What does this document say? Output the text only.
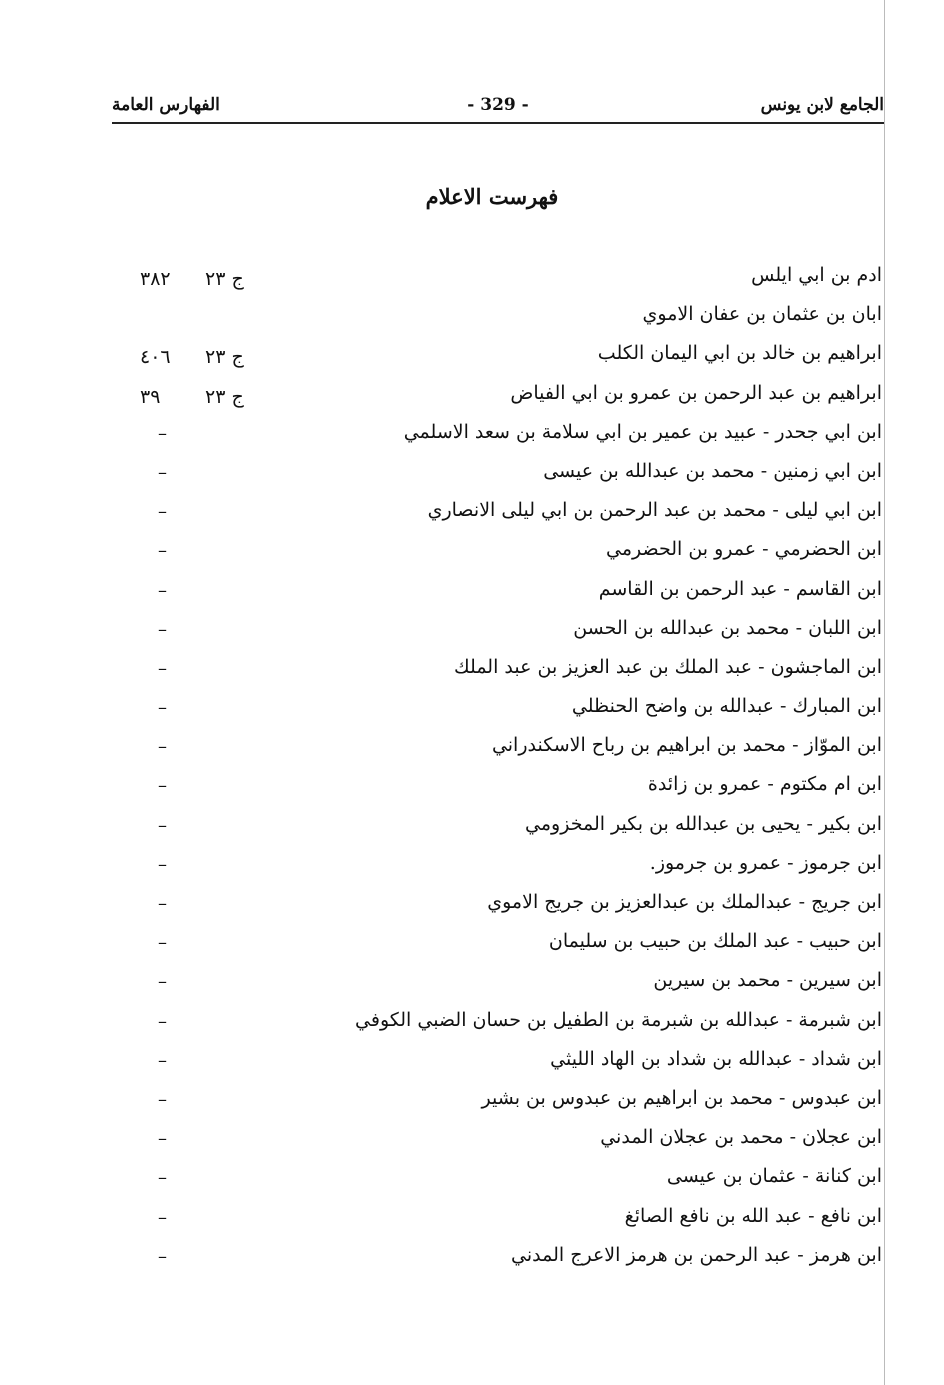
الجامع لابن يونس
- 329 -
الفهارس العامة
فهرست الاعلام
ادم بن ابي ايلس
ج ٢٣
٣٨٢
ابان بن عثمان بن عفان الاموي
ابراهيم بن خالد بن ابي اليمان الكلب
ج ٢٣
٤٠٦
ابراهيم بن عبد الرحمن بن عمرو بن ابي الفياض
ج ٢٣
٣٩
ابن ابي جحدر - عبيد بن عمير بن ابي سلامة بن سعد الاسلمي
–
ابن ابي زمنين - محمد بن عبدالله بن عيسى
–
ابن ابي ليلى - محمد بن عبد الرحمن بن ابي ليلى الانصاري
–
ابن الحضرمي - عمرو بن الحضرمي
–
ابن القاسم - عبد الرحمن بن القاسم
–
ابن اللبان - محمد بن عبدالله بن الحسن
–
ابن الماجشون - عبد الملك بن عبد العزيز بن عبد الملك
–
ابن المبارك - عبدالله بن واضح الحنظلي
–
ابن الموّاز - محمد بن ابراهيم بن رباح الاسكندراني
–
ابن ام مكتوم - عمرو بن زائدة
–
ابن بكير - يحيى بن عبدالله بن بكير المخزومي
–
ابن جرموز - عمرو بن جرموز.
–
ابن جريج - عبدالملك بن عبدالعزيز بن جريج الاموي
–
ابن حبيب - عبد الملك بن حبيب بن سليمان
–
ابن سيرين - محمد بن سيرين
–
ابن شبرمة - عبدالله بن شبرمة بن الطفيل بن حسان الضبي الكوفي
–
ابن شداد - عبدالله بن شداد بن الهاد الليثي
–
ابن عبدوس - محمد بن ابراهيم بن عبدوس بن بشير
–
ابن عجلان - محمد بن عجلان المدني
–
ابن كنانة - عثمان بن عيسى
–
ابن نافع - عبد الله بن نافع الصائغ
–
ابن هرمز - عبد الرحمن بن هرمز الاعرج المدني
–
